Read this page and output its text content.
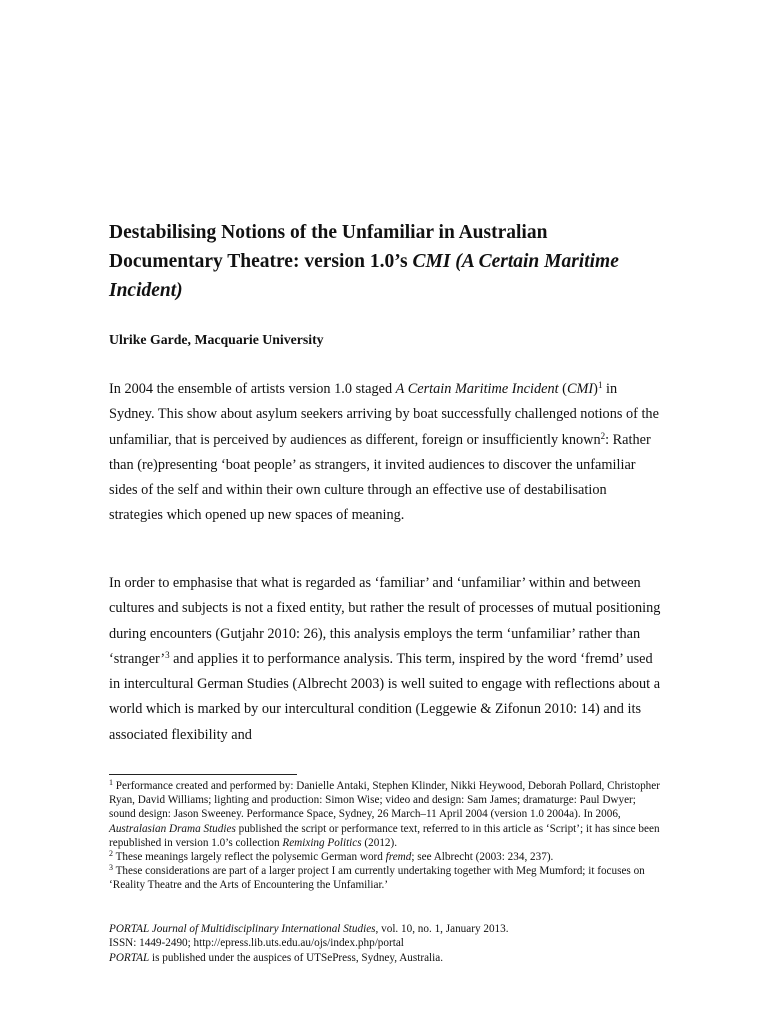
Destabilising Notions of the Unfamiliar in Australian
Documentary Theatre: version 1.0’s CMI (A Certain Maritime
Incident)

Ulrike Garde, Macquarie University

In 2004 the ensemble of artists version 1.0 staged A Certain Maritime Incident (CMI)$^1$ in Sydney. This show about asylum seekers arriving by boat successfully challenged notions of the unfamiliar, that is perceived by audiences as different, foreign or insufficiently known$^2$: Rather than (re)presenting ‘boat people’ as strangers, it invited audiences to discover the unfamiliar sides of the self and within their own culture through an effective use of destabilisation strategies which opened up new spaces of meaning.

In order to emphasise that what is regarded as ‘familiar’ and ‘unfamiliar’ within and between cultures and subjects is not a fixed entity, but rather the result of processes of mutual positioning during encounters (Gutjahr 2010: 26), this analysis employs the term ‘unfamiliar’ rather than ‘stranger’$^3$ and applies it to performance analysis. This term, inspired by the word ‘fremd’ used in intercultural German Studies (Albrecht 2003) is well suited to engage with reflections about a world which is marked by our intercultural condition (Leggewie & Zifonun 2010: 14) and its associated flexibility and

$^1$ Performance created and performed by: Danielle Antaki, Stephen Klinder, Nikki Heywood, Deborah Pollard, Christopher Ryan, David Williams; lighting and production: Simon Wise; video and design: Sam James; dramaturge: Paul Dwyer; sound design: Jason Sweeney. Performance Space, Sydney, 26 March–11 April 2004 (version 1.0 2004a). In 2006, Australasian Drama Studies published the script or performance text, referred to in this article as ‘Script’; it has since been republished in version 1.0’s collection Remixing Politics (2012).

$^2$ These meanings largely reflect the polysemic German word fremd; see Albrecht (2003: 234, 237).

$^3$ These considerations are part of a larger project I am currently undertaking together with Meg Mumford; it focuses on ‘Reality Theatre and the Arts of Encountering the Unfamiliar.’

PORTAL Journal of Multidisciplinary International Studies, vol. 10, no. 1, January 2013.
ISSN: 1449-2490; http://epress.lib.uts.edu.au/ojs/index.php/portal
PORTAL is published under the auspices of UTSePress, Sydney, Australia.
